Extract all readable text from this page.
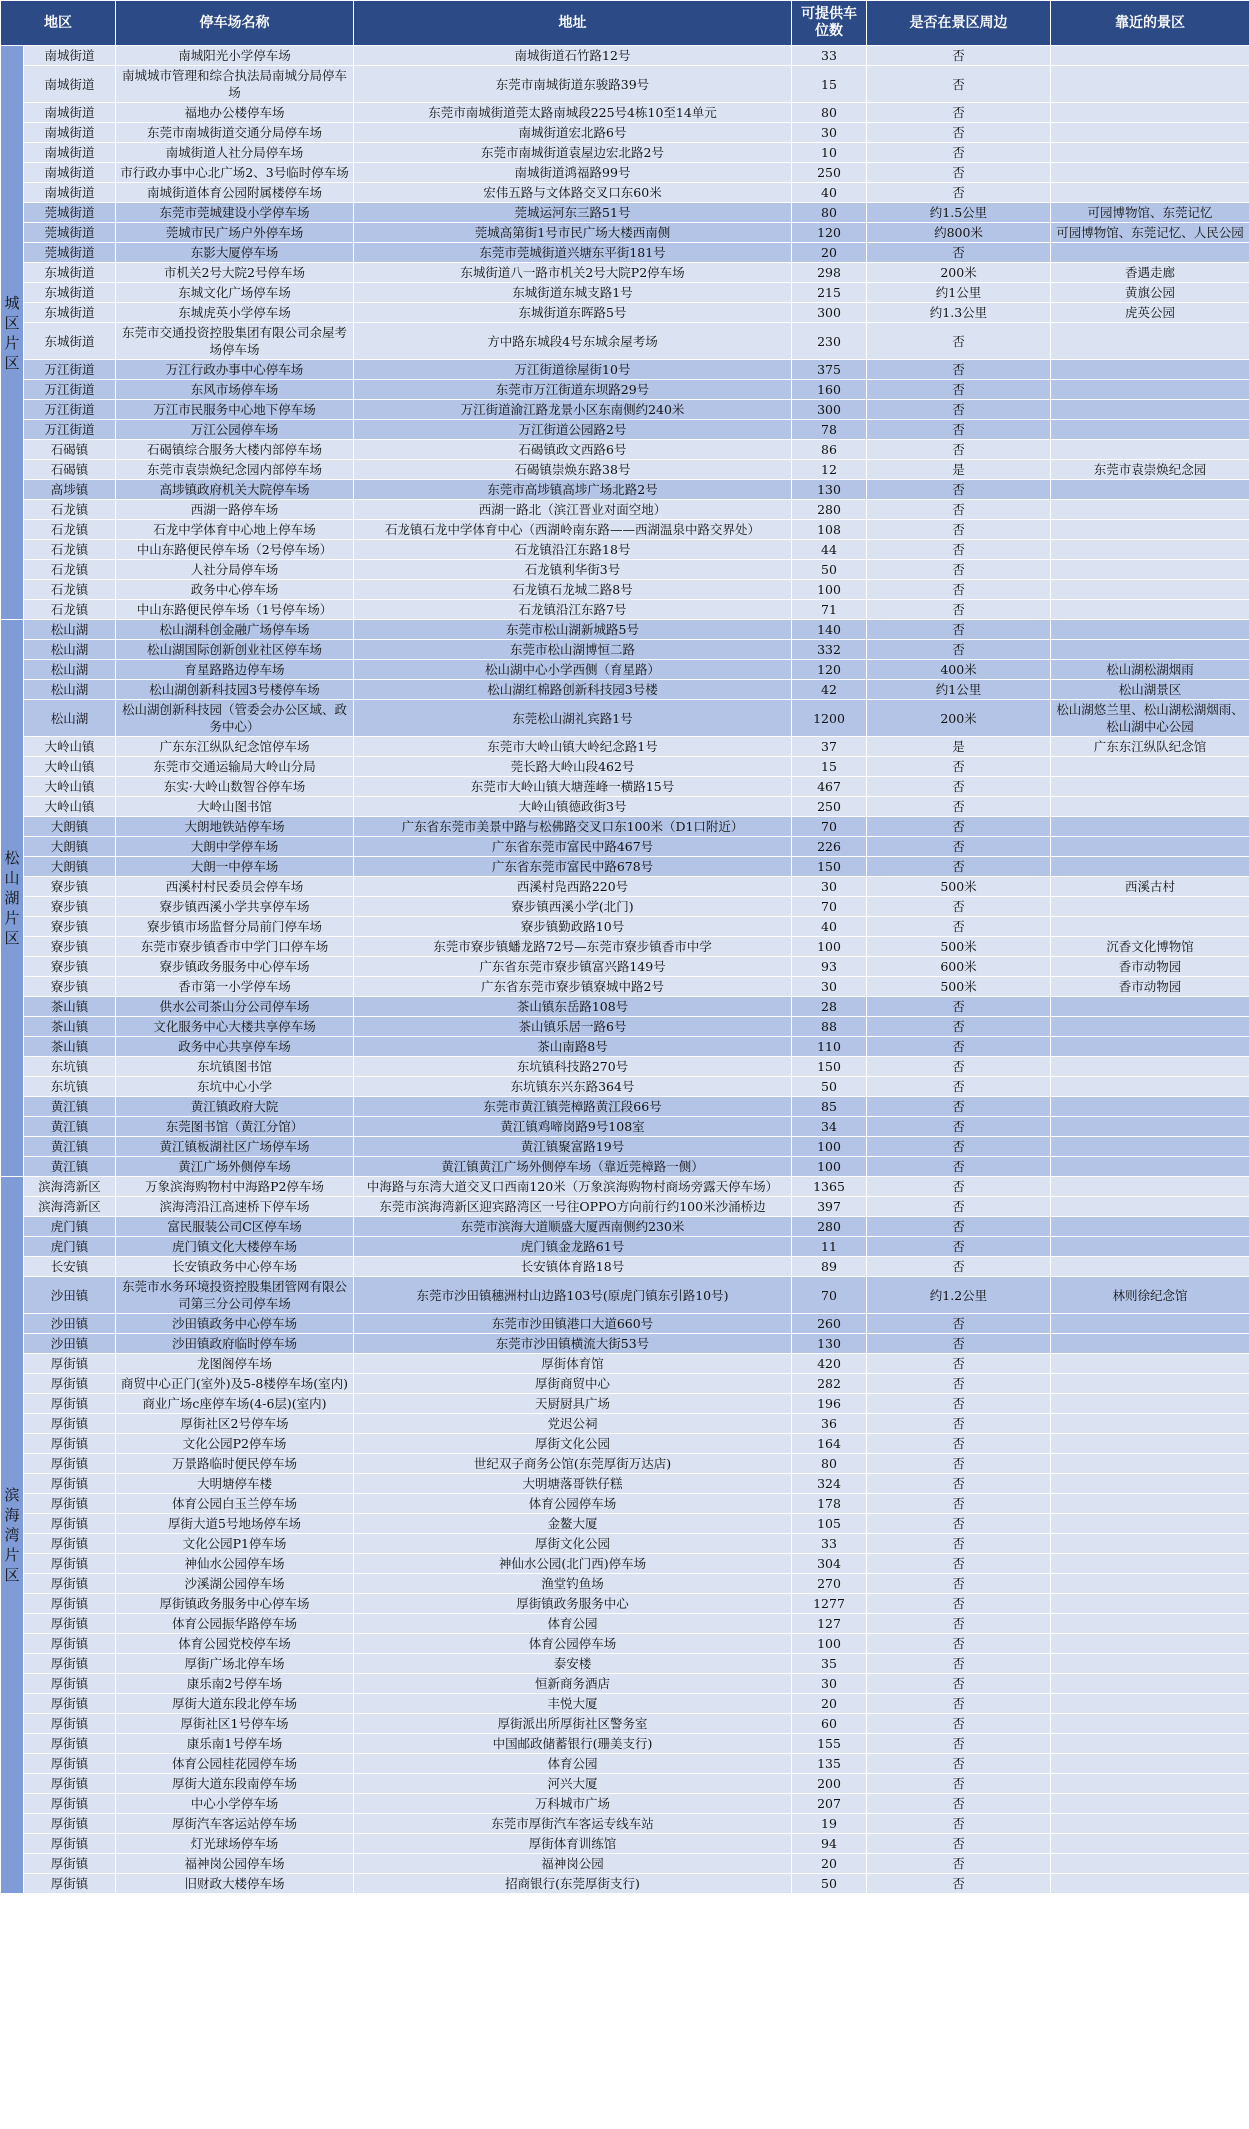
地区		停车场名称	地址	可提供车位数	是否在景区周边	靠近的景区
城区片区	南城街道	南城阳光小学停车场	南城街道石竹路12号	33	否	
	南城街道	南城城市管理和综合执法局南城分局停车场	东莞市南城街道东骏路39号	15	否	
	南城街道	福地办公楼停车场	东莞市南城街道莞太路南城段225号4栋10至14单元	80	否	
	南城街道	东莞市南城街道交通分局停车场	南城街道宏北路6号	30	否	
	南城街道	南城街道人社分局停车场	东莞市南城街道袁屋边宏北路2号	10	否	
	南城街道	市行政办事中心北广场2、3号临时停车场	南城街道鸿福路99号	250	否	
	南城街道	南城街道体育公园附属楼停车场	宏伟五路与文体路交叉口东60米	40	否	
	莞城街道	东莞市莞城建设小学停车场	莞城运河东三路51号	80	约1.5公里	可园博物馆、东莞记忆
	莞城街道	莞城市民广场户外停车场	莞城高第街1号市民广场大楼西南侧	120	约800米	可园博物馆、东莞记忆、人民公园
	莞城街道	东影大厦停车场	东莞市莞城街道兴塘东平街181号	20	否	
	东城街道	市机关2号大院2号停车场	东城街道八一路市机关2号大院P2停车场	298	200米	香遇走廊
	东城街道	东城文化广场停车场	东城街道东城支路1号	215	约1公里	黄旗公园
	东城街道	东城虎英小学停车场	东城街道东晖路5号	300	约1.3公里	虎英公园
	东城街道	东莞市交通投资控股集团有限公司余屋考场停车场	方中路东城段4号东城余屋考场	230	否	
	万江街道	万江行政办事中心停车场	万江街道徐屋街10号	375	否	
	万江街道	东风市场停车场	东莞市万江街道东坝路29号	160	否	
	万江街道	万江市民服务中心地下停车场	万江街道渝江路龙景小区东南侧约240米	300	否	
	万江街道	万江公园停车场	万江街道公园路2号	78	否	
	石碣镇	石碣镇综合服务大楼内部停车场	石碣镇政文西路6号	86	否	
	石碣镇	东莞市袁崇焕纪念园内部停车场	石碣镇崇焕东路38号	12	是	东莞市袁崇焕纪念园
	高埗镇	高埗镇政府机关大院停车场	东莞市高埗镇高埗广场北路2号	130	否	
	石龙镇	西湖一路停车场	西湖一路北（滨江晋业对面空地）	280	否	
	石龙镇	石龙中学体育中心地上停车场	石龙镇石龙中学体育中心（西湖岭南东路——西湖温泉中路交界处）	108	否	
	石龙镇	中山东路便民停车场（2号停车场）	石龙镇沿江东路18号	44	否	
	石龙镇	人社分局停车场	石龙镇利华街3号	50	否	
	石龙镇	政务中心停车场	石龙镇石龙城二路8号	100	否	
	石龙镇	中山东路便民停车场（1号停车场）	石龙镇沿江东路7号	71	否	
松山湖片区	松山湖	松山湖科创金融广场停车场	东莞市松山湖新城路5号	140	否	
	松山湖	松山湖国际创新创业社区停车场	东莞市松山湖博恒二路	332	否	
	松山湖	育星路路边停车场	松山湖中心小学西侧（育星路）	120	400米	松山湖松湖烟雨
	松山湖	松山湖创新科技园3号楼停车场	松山湖红棉路创新科技园3号楼	42	约1公里	松山湖景区
	松山湖	松山湖创新科技园（管委会办公区域、政务中心）	东莞松山湖礼宾路1号	1200	200米	松山湖悠兰里、松山湖松湖烟雨、松山湖中心公园
	大岭山镇	广东东江纵队纪念馆停车场	东莞市大岭山镇大岭纪念路1号	37	是	广东东江纵队纪念馆
	大岭山镇	东莞市交通运输局大岭山分局	莞长路大岭山段462号	15	否	
	大岭山镇	东实·大岭山数智谷停车场	东莞市大岭山镇大塘莲峰一横路15号	467	否	
	大岭山镇	大岭山图书馆	大岭山镇德政街3号	250	否	
	大朗镇	大朗地铁站停车场	广东省东莞市美景中路与松佛路交叉口东100米（D1口附近）	70	否	
	大朗镇	大朗中学停车场	广东省东莞市富民中路467号	226	否	
	大朗镇	大朗一中停车场	广东省东莞市富民中路678号	150	否	
	寮步镇	西溪村村民委员会停车场	西溪村凫西路220号	30	500米	西溪古村
	寮步镇	寮步镇西溪小学共享停车场	寮步镇西溪小学(北门)	70	否	
	寮步镇	寮步镇市场监督分局前门停车场	寮步镇勤政路10号	40	否	
	寮步镇	东莞市寮步镇香市中学门口停车场	东莞市寮步镇蟠龙路72号—东莞市寮步镇香市中学	100	500米	沉香文化博物馆
	寮步镇	寮步镇政务服务中心停车场	广东省东莞市寮步镇富兴路149号	93	600米	香市动物园
	寮步镇	香市第一小学停车场	广东省东莞市寮步镇寮城中路2号	30	500米	香市动物园
	茶山镇	供水公司茶山分公司停车场	茶山镇东岳路108号	28	否	
	茶山镇	文化服务中心大楼共享停车场	茶山镇乐居一路6号	88	否	
	茶山镇	政务中心共享停车场	茶山南路8号	110	否	
	东坑镇	东坑镇图书馆	东坑镇科技路270号	150	否	
	东坑镇	东坑中心小学	东坑镇东兴东路364号	50	否	
	黄江镇	黄江镇政府大院	东莞市黄江镇莞樟路黄江段66号	85	否	
	黄江镇	东莞图书馆（黄江分馆）	黄江镇鸡啼岗路9号108室	34	否	
	黄江镇	黄江镇板湖社区广场停车场	黄江镇聚富路19号	100	否	
	黄江镇	黄江广场外侧停车场	黄江镇黄江广场外侧停车场（靠近莞樟路一侧）	100	否	
滨海湾片区	滨海湾新区	万象滨海购物村中海路P2停车场	中海路与东湾大道交叉口西南120米（万象滨海购物村商场旁露天停车场）	1365	否	
	滨海湾新区	滨海湾沿江高速桥下停车场	东莞市滨海湾新区迎宾路湾区一号往OPPO方向前行约100米沙涌桥边	397	否	
	虎门镇	富民服装公司C区停车场	东莞市滨海大道顺盛大厦西南侧约230米	280	否	
	虎门镇	虎门镇文化大楼停车场	虎门镇金龙路61号	11	否	
	长安镇	长安镇政务中心停车场	长安镇体育路18号	89	否	
	沙田镇	东莞市水务环境投资控股集团管网有限公司第三分公司停车场	东莞市沙田镇穗洲村山边路103号(原虎门镇东引路10号)	70	约1.2公里	林则徐纪念馆
	沙田镇	沙田镇政务中心停车场	东莞市沙田镇港口大道660号	260	否	
	沙田镇	沙田镇政府临时停车场	东莞市沙田镇横流大街53号	130	否	
	厚街镇	龙图阁停车场	厚街体育馆	420	否	
	厚街镇	商贸中心正门(室外)及5-8楼停车场(室内)	厚街商贸中心	282	否	
	厚街镇	商业广场c座停车场(4-6层)(室内)	天厨厨具广场	196	否	
	厚街镇	厚街社区2号停车场	党迟公祠	36	否	
	厚街镇	文化公园P2停车场	厚街文化公园	164	否	
	厚街镇	万景路临时便民停车场	世纪双子商务公馆(东莞厚街万达店)	80	否	
	厚街镇	大明塘停车楼	大明塘落哥铁仔糕	324	否	
	厚街镇	体育公园白玉兰停车场	体育公园停车场	178	否	
	厚街镇	厚街大道5号地场停车场	金鳌大厦	105	否	
	厚街镇	文化公园P1停车场	厚街文化公园	33	否	
	厚街镇	神仙水公园停车场	神仙水公园(北门西)停车场	304	否	
	厚街镇	沙溪湖公园停车场	渔堂钓鱼场	270	否	
	厚街镇	厚街镇政务服务中心停车场	厚街镇政务服务中心	1277	否	
	厚街镇	体育公园振华路停车场	体育公园	127	否	
	厚街镇	体育公园党校停车场	体育公园停车场	100	否	
	厚街镇	厚街广场北停车场	泰安楼	35	否	
	厚街镇	康乐南2号停车场	恒新商务酒店	30	否	
	厚街镇	厚街大道东段北停车场	丰悦大厦	20	否	
	厚街镇	厚街社区1号停车场	厚街派出所厚街社区警务室	60	否	
	厚街镇	康乐南1号停车场	中国邮政储蓄银行(珊美支行)	155	否	
	厚街镇	体育公园桂花园停车场	体育公园	135	否	
	厚街镇	厚街大道东段南停车场	河兴大厦	200	否	
	厚街镇	中心小学停车场	万科城市广场	207	否	
	厚街镇	厚街汽车客运站停车场	东莞市厚街汽车客运专线车站	19	否	
	厚街镇	灯光球场停车场	厚街体育训练馆	94	否	
	厚街镇	福神岗公园停车场	福神岗公园	20	否	
	厚街镇	旧财政大楼停车场	招商银行(东莞厚街支行)	50	否	
